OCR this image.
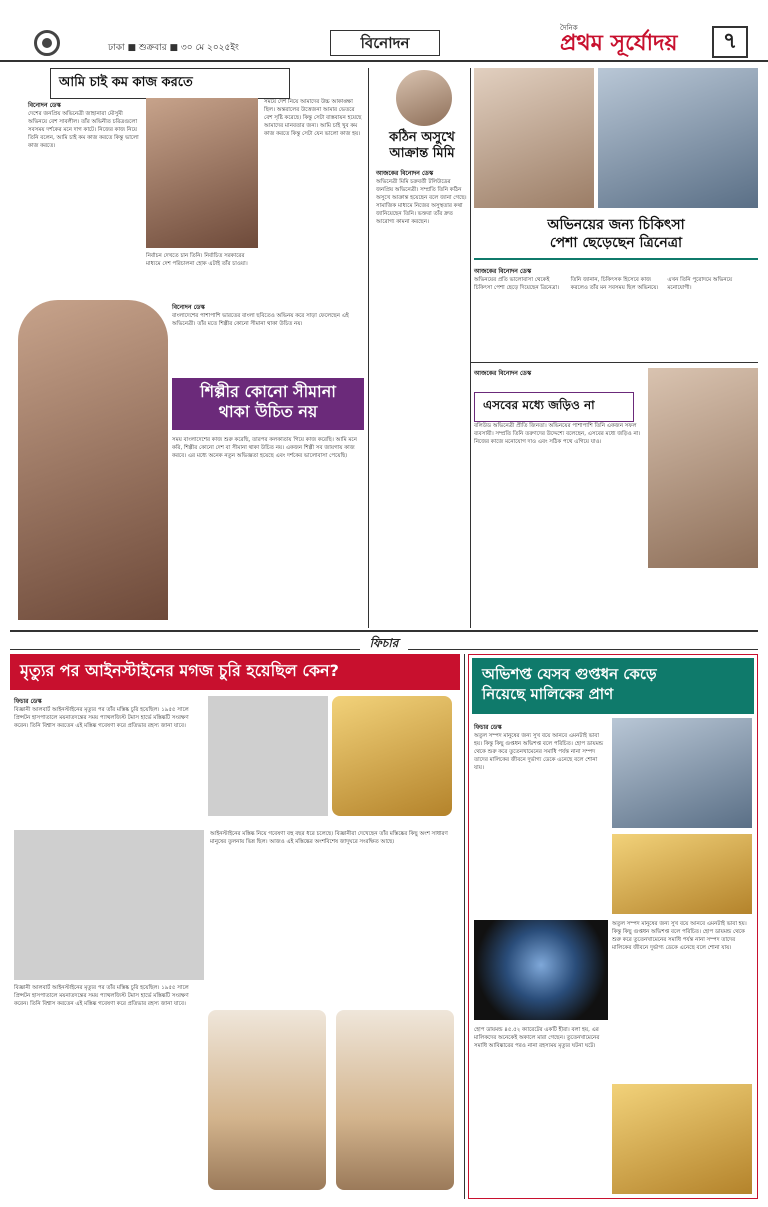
ঢাকা ■ শুক্রবার ■ ৩০ মে ২০২৫ইং	বিনোদন
দৈনিক
প্রথম সূর্যোদয়	৭
আমি চাই কম কাজ করতে
বিনোদন ডেস্ক
দেশের জনপ্রিয় অভিনেত্রী জাহানারা মৌসুমী অভিনয়ে বেশ সাবলীল। তাঁর অভিনীত চরিত্রগুলো সবসময় দর্শকের মনে দাগ কাটে। নিজের কাজ নিয়ে তিনি বলেন, আমি চাই কম কাজ করতে কিন্তু ভালো কাজ করতে।
নির্বাচন দেখতে চান তিনি। নির্বাচিত সরকারের মাধ্যমে দেশ পরিচালনা হোক এটাই তাঁর চাওয়া।
সময়ে দেশ নিয়ে আমাদের উচ্চ আকাঙ্ক্ষা ছিল। অন্তরালের উত্তেজনা আমার ভেতরে বেশ সৃষ্টি করেছে। কিন্তু সেটা বাস্তবায়ন হয়েছে আমাদের মানবতার জন্য। আমি চাই খুব কম কাজ করতে কিন্তু সেটা যেন ভালো কাজ হয়।	কঠিন অসুখে
আক্রান্ত মিমি
আজকের বিনোদন ডেস্ক
অভিনেত্রী মিমি চক্রবর্তী টলিউডের জনপ্রিয় অভিনেত্রী। সম্প্রতি তিনি কঠিন অসুখে আক্রান্ত হয়েছেন বলে জানা গেছে। সামাজিক মাধ্যমে নিজের অসুস্থতার কথা জানিয়েছেন তিনি। ভক্তরা তাঁর দ্রুত আরোগ্য কামনা করছেন।	অভিনয়ের জন্য চিকিৎসা
পেশা ছেড়েছেন ত্রিনেত্রা
আজকের বিনোদন ডেস্ক
অভিনয়ের প্রতি ভালোবাসা থেকেই চিকিৎসা পেশা ছেড়ে দিয়েছেন ত্রিনেত্রা। তিনি জানান, চিকিৎসক হিসেবে কাজ করলেও তাঁর মন সবসময় ছিল অভিনয়ে। এখন তিনি পুরোদমে অভিনয়ে মনোযোগী।
বিনোদন ডেস্ক
বাংলাদেশের পাশাপাশি ভারতের বাংলা ছবিতেও অভিনয় করে সাড়া ফেলেছেন এই অভিনেত্রী। তাঁর মতে শিল্পীর কোনো সীমানা থাকা উচিত নয়।
শিল্পীর কোনো সীমানা
থাকা উচিত নয়
সময় বাংলাদেশের কাজ শুরু করেছি, তারপর কলকাতায় গিয়ে কাজ করেছি। আমি মনে করি, শিল্পীর কোনো দেশ বা সীমানা থাকা উচিত নয়। একজন শিল্পী সব জায়গায় কাজ করবে। এর মধ্যে অনেক নতুন অভিজ্ঞতা হয়েছে এবং দর্শকের ভালোবাসা পেয়েছি।
আজকের বিনোদন ডেস্ক
এসবের মধ্যে জড়িও না
বলিউড অভিনেত্রী প্রীতি জিনতা। অভিনয়ের পাশাপাশি তিনি একজন সফল ব্যবসায়ী। সম্প্রতি তিনি তরুণদের উদ্দেশ্যে বলেছেন, এসবের মধ্যে জড়িও না। নিজের কাজে মনোযোগ দাও এবং সঠিক পথে এগিয়ে যাও।
ফিচার
মৃত্যুর পর আইনস্টাইনের মগজ চুরি হয়েছিল কেন?
ফিচার ডেস্ক
বিজ্ঞানী আলবার্ট আইনস্টাইনের মৃত্যুর পর তাঁর মস্তিষ্ক চুরি হয়েছিল। ১৯৫৫ সালে প্রিন্সটন হাসপাতালে ময়নাতদন্তের সময় প্যাথলজিস্ট টমাস হার্ভে মস্তিষ্কটি সংরক্ষণ করেন। তিনি বিশ্বাস করতেন এই মস্তিষ্ক গবেষণা করে প্রতিভার রহস্য জানা যাবে।
আইনস্টাইনের মস্তিষ্ক নিয়ে গবেষণা বহু বছর ধরে চলেছে। বিজ্ঞানীরা দেখেছেন তাঁর মস্তিষ্কের কিছু অংশ সাধারণ মানুষের তুলনায় ভিন্ন ছিল। আজও এই মস্তিষ্কের অংশবিশেষ জাদুঘরে সংরক্ষিত আছে।
বিজ্ঞানী আলবার্ট আইনস্টাইনের মৃত্যুর পর তাঁর মস্তিষ্ক চুরি হয়েছিল। ১৯৫৫ সালে প্রিন্সটন হাসপাতালে ময়নাতদন্তের সময় প্যাথলজিস্ট টমাস হার্ভে মস্তিষ্কটি সংরক্ষণ করেন। তিনি বিশ্বাস করতেন এই মস্তিষ্ক গবেষণা করে প্রতিভার রহস্য জানা যাবে।
অভিশপ্ত যেসব গুপ্তধন কেড়ে
নিয়েছে মালিকের প্রাণ
ফিচার ডেস্ক
অতুল সম্পদ মানুষের জন্য সুখ বয়ে আনবে এমনটাই ভাবা হয়। কিন্তু কিছু গুপ্তধন অভিশপ্ত বলে পরিচিত। হোপ ডায়মন্ড থেকে শুরু করে তুতেনখামেনের সমাধি পর্যন্ত নানা সম্পদ তাদের মালিকের জীবনে দুর্ভাগ্য ডেকে এনেছে বলে শোনা যায়।
হোপ ডায়মন্ড ৪৫.৫২ ক্যারেটের একটি হীরা। বলা হয়, এর মালিকদের অনেকেই অকালে মারা গেছেন। তুতেনখামেনের সমাধি আবিষ্কারের পরও নানা রহস্যময় মৃত্যুর ঘটনা ঘটে।
অতুল সম্পদ মানুষের জন্য সুখ বয়ে আনবে এমনটাই ভাবা হয়। কিন্তু কিছু গুপ্তধন অভিশপ্ত বলে পরিচিত। হোপ ডায়মন্ড থেকে শুরু করে তুতেনখামেনের সমাধি পর্যন্ত নানা সম্পদ তাদের মালিকের জীবনে দুর্ভাগ্য ডেকে এনেছে বলে শোনা যায়।
